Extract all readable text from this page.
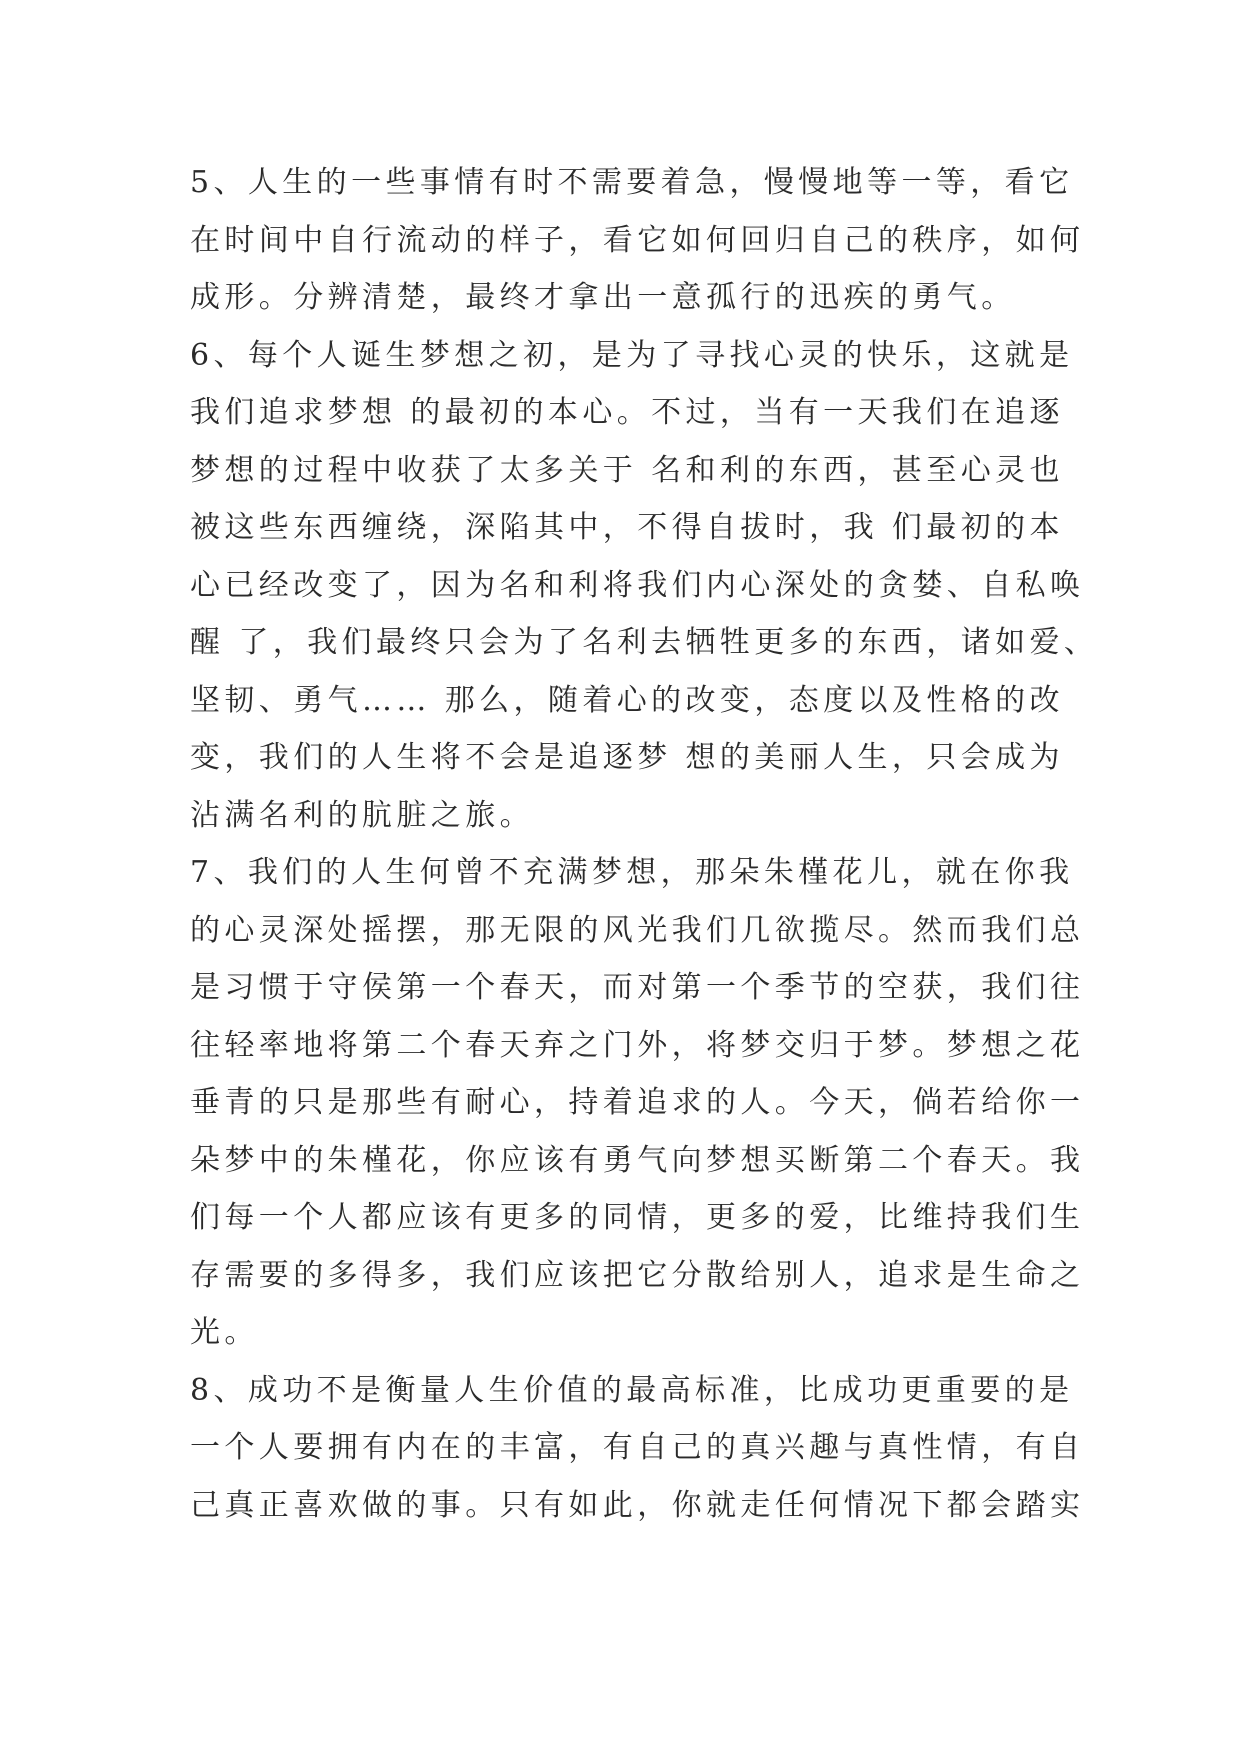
5、人生的一些事情有时不需要着急，慢慢地等一等，看它
在时间中自行流动的样子，看它如何回归自己的秩序，如何
成形。分辨清楚，最终才拿出一意孤行的迅疾的勇气。
6、每个人诞生梦想之初，是为了寻找心灵的快乐，这就是
我们追求梦想 的最初的本心。不过，当有一天我们在追逐
梦想的过程中收获了太多关于 名和利的东西，甚至心灵也
被这些东西缠绕，深陷其中，不得自拔时，我 们最初的本
心已经改变了，因为名和利将我们内心深处的贪婪、自私唤
醒 了，我们最终只会为了名利去牺牲更多的东西，诸如爱、
坚韧、勇气…… 那么，随着心的改变，态度以及性格的改
变，我们的人生将不会是追逐梦 想的美丽人生，只会成为
沾满名利的肮脏之旅。
7、我们的人生何曾不充满梦想，那朵朱槿花儿，就在你我
的心灵深处摇摆，那无限的风光我们几欲揽尽。然而我们总
是习惯于守侯第一个春天，而对第一个季节的空获，我们往
往轻率地将第二个春天弃之门外，将梦交归于梦。梦想之花
垂青的只是那些有耐心，持着追求的人。今天，倘若给你一
朵梦中的朱槿花，你应该有勇气向梦想买断第二个春天。我
们每一个人都应该有更多的同情，更多的爱，比维持我们生
存需要的多得多，我们应该把它分散给别人，追求是生命之
光。
8、成功不是衡量人生价值的最高标准，比成功更重要的是
一个人要拥有内在的丰富，有自己的真兴趣与真性情，有自
己真正喜欢做的事。只有如此，你就走任何情况下都会踏实
